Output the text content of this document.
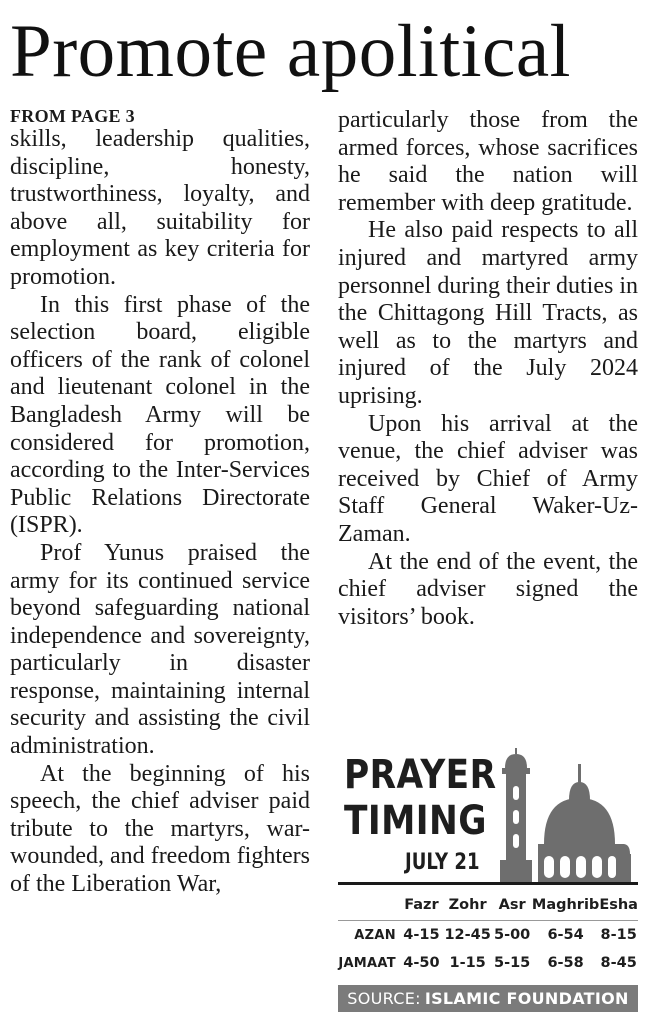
Promote apolitical
FROM PAGE 3

skills, leadership qualities, discipline, honesty, trustworthiness, loyalty, and above all, suitability for employment as key criteria for promotion.

In this first phase of the selection board, eligible officers of the rank of colonel and lieutenant colonel in the Bangladesh Army will be considered for promotion, according to the Inter-Services Public Relations Directorate (ISPR).

Prof Yunus praised the army for its continued service beyond safeguarding national independence and sovereignty, particularly in disaster response, maintaining internal security and assisting the civil administration.

At the beginning of his speech, the chief adviser paid tribute to the martyrs, war-wounded, and freedom fighters of the Liberation War,

particularly those from the armed forces, whose sacrifices he said the nation will remember with deep gratitude.

He also paid respects to all injured and martyred army personnel during their duties in the Chittagong Hill Tracts, as well as to the martyrs and injured of the July 2024 uprising.

Upon his arrival at the venue, the chief adviser was received by Chief of Army Staff General Waker-Uz-Zaman.

At the end of the event, the chief adviser signed the visitors’ book.

PRAYER
TIMING
JULY 21
	Fazr	Zohr	Asr	Maghrib	Esha
AZAN	4-15	12-45	5-00	6-54	8-15
JAMAAT	4-50	1-15	5-15	6-58	8-45
SOURCE: ISLAMIC FOUNDATION
